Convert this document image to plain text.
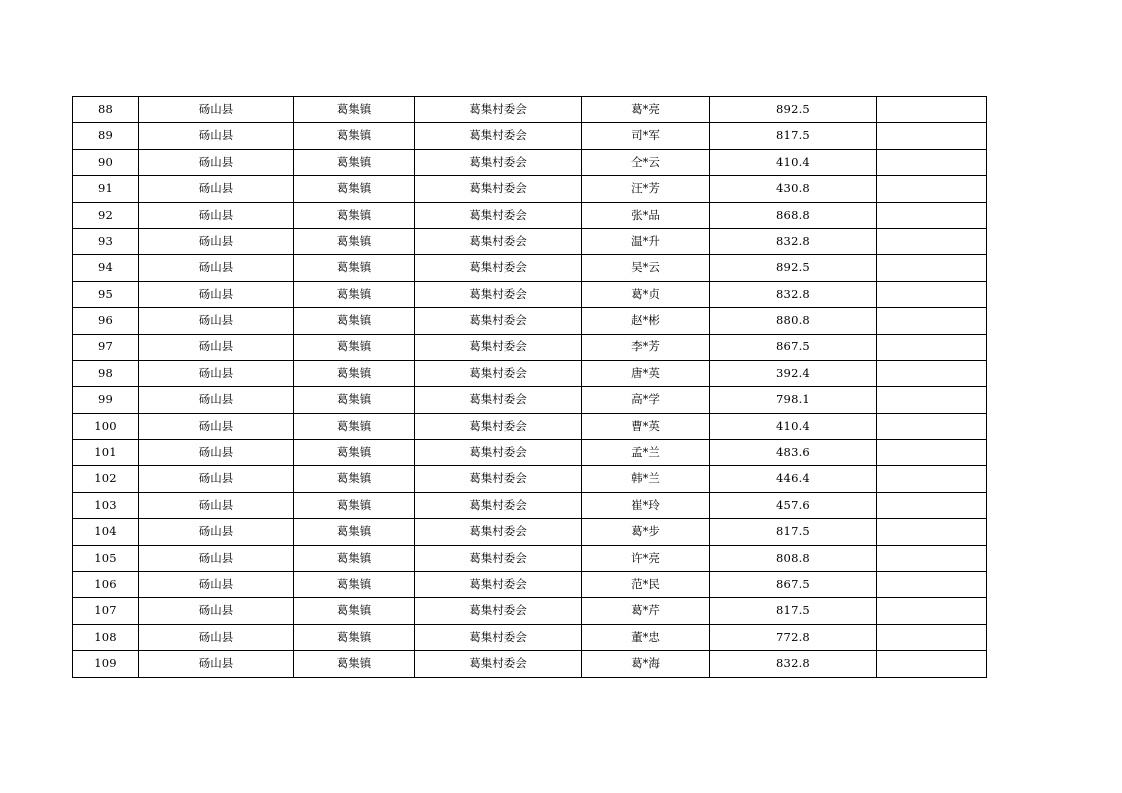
88	砀山县	葛集镇	葛集村委会	葛*亮	892.5	
89	砀山县	葛集镇	葛集村委会	司*军	817.5	
90	砀山县	葛集镇	葛集村委会	仝*云	410.4	
91	砀山县	葛集镇	葛集村委会	汪*芳	430.8	
92	砀山县	葛集镇	葛集村委会	张*品	868.8	
93	砀山县	葛集镇	葛集村委会	温*升	832.8	
94	砀山县	葛集镇	葛集村委会	吴*云	892.5	
95	砀山县	葛集镇	葛集村委会	葛*贞	832.8	
96	砀山县	葛集镇	葛集村委会	赵*彬	880.8	
97	砀山县	葛集镇	葛集村委会	李*芳	867.5	
98	砀山县	葛集镇	葛集村委会	唐*英	392.4	
99	砀山县	葛集镇	葛集村委会	高*学	798.1	
100	砀山县	葛集镇	葛集村委会	曹*英	410.4	
101	砀山县	葛集镇	葛集村委会	孟*兰	483.6	
102	砀山县	葛集镇	葛集村委会	韩*兰	446.4	
103	砀山县	葛集镇	葛集村委会	崔*玲	457.6	
104	砀山县	葛集镇	葛集村委会	葛*步	817.5	
105	砀山县	葛集镇	葛集村委会	许*亮	808.8	
106	砀山县	葛集镇	葛集村委会	范*民	867.5	
107	砀山县	葛集镇	葛集村委会	葛*芹	817.5	
108	砀山县	葛集镇	葛集村委会	董*忠	772.8	
109	砀山县	葛集镇	葛集村委会	葛*海	832.8	
